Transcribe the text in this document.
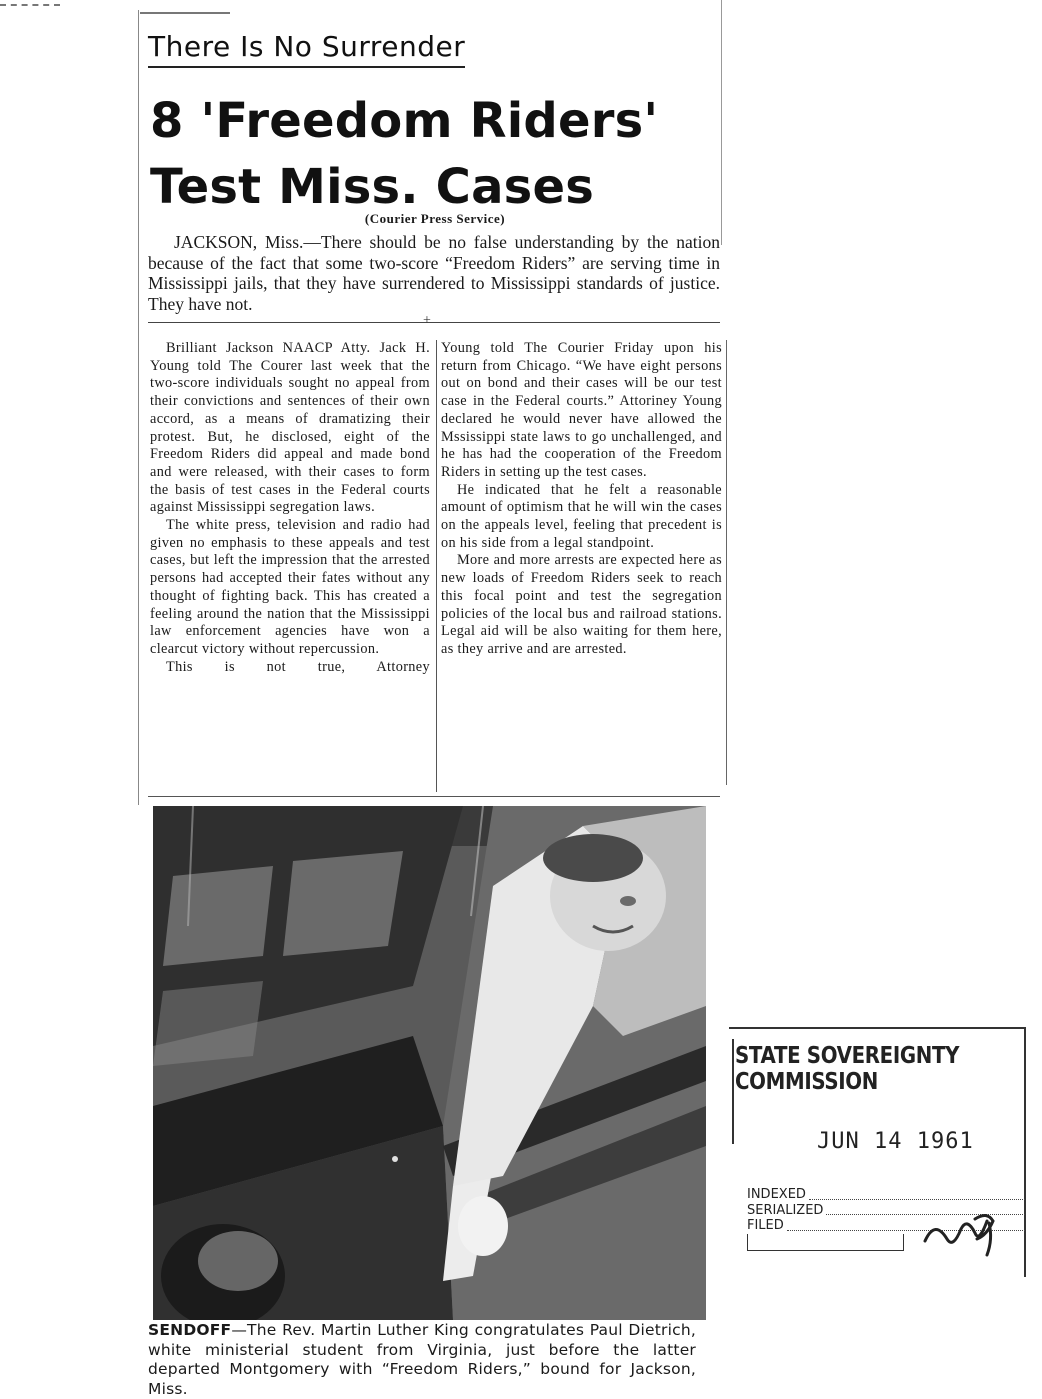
There Is No Surrender
8 'Freedom Riders'
Test Miss. Cases
(Courier Press Service)

JACKSON, Miss.—There should be no false understanding by the nation because of the fact that some two-score “Freedom Riders” are serving time in Mississippi jails, that they have surrendered to Mississippi standards of justice. They have not.

+

Brilliant Jackson NAACP Atty. Jack H. Young told The Courer last week that the two-score individuals sought no appeal from their convictions and sentences of their own accord, as a means of dramatizing their protest. But, he disclosed, eight of the Freedom Riders did appeal and made bond and were released, with their cases to form the basis of test cases in the Federal courts against Mississippi segregation laws.

The white press, television and radio had given no emphasis to these appeals and test cases, but left the impression that the arrested persons had accepted their fates without any thought of fighting back. This has created a feeling around the nation that the Mississippi law enforcement agencies have won a clearcut victory without repercussion.

This is not true, Attorney

Young told The Courier Friday upon his return from Chicago. “We have eight persons out on bond and their cases will be our test case in the Federal courts.” Attoriney Young declared he would never have allowed the Mssissippi state laws to go unchallenged, and he has had the cooperation of the Freedom Riders in setting up the test cases.

He indicated that he felt a reasonable amount of optimism that he will win the cases on the appeals level, feeling that precedent is on his side from a legal standpoint.

More and more arrests are expected here as new loads of Freedom Riders seek to reach this focal point and test the segregation policies of the local bus and railroad stations. Legal aid will be also waiting for them here, as they arrive and are arrested.

SENDOFF—The Rev. Martin Luther King congratulates Paul Dietrich, white ministerial student from Virginia, just before the latter departed Montgomery with “Freedom Riders,” bound for Jackson, Miss.

STATE SOVEREIGNTY COMMISSION
JUN 14 1961
INDEXED
SERIALIZED
FILED
